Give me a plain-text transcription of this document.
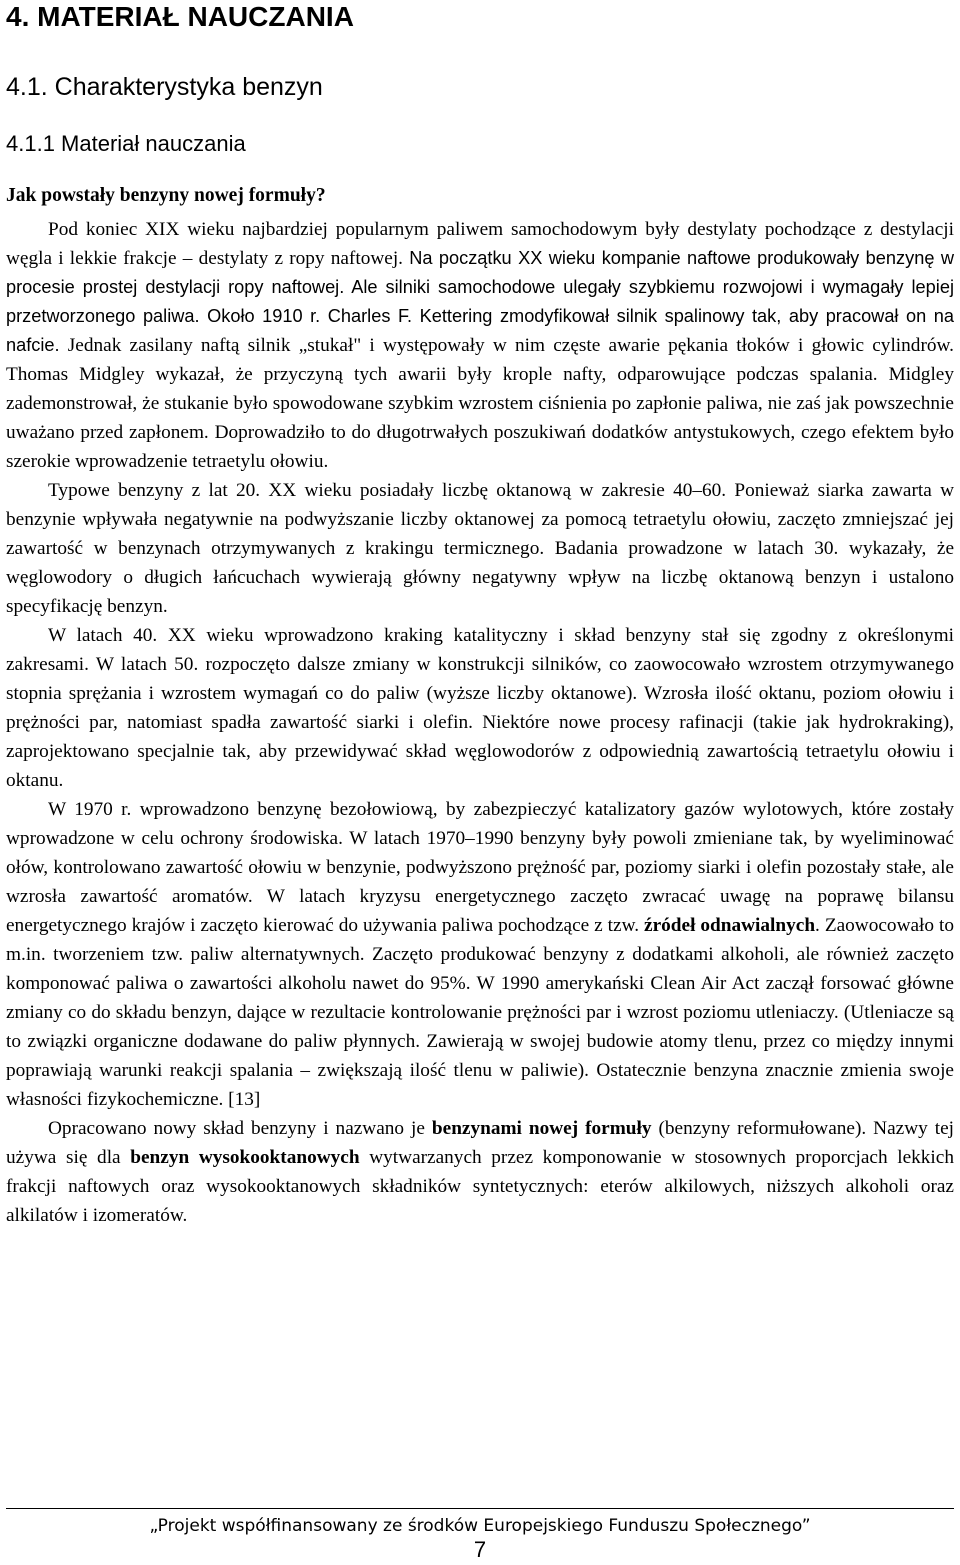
4. MATERIAŁ NAUCZANIA
4.1. Charakterystyka benzyn
4.1.1 Materiał nauczania
Jak powstały benzyny nowej formuły?

Pod koniec XIX wieku najbardziej popularnym paliwem samochodowym były destylaty pochodzące z destylacji węgla i lekkie frakcje – destylaty z ropy naftowej. Na początku XX wieku kompanie naftowe produkowały benzynę w procesie prostej destylacji ropy naftowej. Ale silniki samochodowe ulegały szybkiemu rozwojowi i wymagały lepiej przetworzonego paliwa. Około 1910 r. Charles F. Kettering zmodyfikował silnik spalinowy tak, aby pracował on na nafcie. Jednak zasilany naftą silnik „stukał" i występowały w nim częste awarie pękania tłoków i głowic cylindrów. Thomas Midgley wykazał, że przyczyną tych awarii były krople nafty, odparowujące podczas spalania. Midgley zademonstrował, że stukanie było spowodowane szybkim wzrostem ciśnienia po zapłonie paliwa, nie zaś jak powszechnie uważano przed zapłonem. Doprowadziło to do długotrwałych poszukiwań dodatków antystukowych, czego efektem było szerokie wprowadzenie tetraetylu ołowiu.

Typowe benzyny z lat 20. XX wieku posiadały liczbę oktanową w zakresie 40–60. Ponieważ siarka zawarta w benzynie wpływała negatywnie na podwyższanie liczby oktanowej za pomocą tetraetylu ołowiu, zaczęto zmniejszać jej zawartość w benzynach otrzymywanych z krakingu termicznego. Badania prowadzone w latach 30. wykazały, że węglowodory o długich łańcuchach wywierają główny negatywny wpływ na liczbę oktanową benzyn i ustalono specyfikację benzyn.

W latach 40. XX wieku wprowadzono kraking katalityczny i skład benzyny stał się zgodny z określonymi zakresami. W latach 50. rozpoczęto dalsze zmiany w konstrukcji silników, co zaowocowało wzrostem otrzymywanego stopnia sprężania i wzrostem wymagań co do paliw (wyższe liczby oktanowe). Wzrosła ilość oktanu, poziom ołowiu i prężności par, natomiast spadła zawartość siarki i olefin. Niektóre nowe procesy rafinacji (takie jak hydrokraking), zaprojektowano specjalnie tak, aby przewidywać skład węglowodorów z odpowiednią zawartością tetraetylu ołowiu i oktanu.

W 1970 r. wprowadzono benzynę bezołowiową, by zabezpieczyć katalizatory gazów wylotowych, które zostały wprowadzone w celu ochrony środowiska. W latach 1970–1990 benzyny były powoli zmieniane tak, by wyeliminować ołów, kontrolowano zawartość ołowiu w benzynie, podwyższono prężność par, poziomy siarki i olefin pozostały stałe, ale wzrosła zawartość aromatów. W latach kryzysu energetycznego zaczęto zwracać uwagę na poprawę bilansu energetycznego krajów i zaczęto kierować do używania paliwa pochodzące z tzw. źródeł odnawialnych. Zaowocowało to m.in. tworzeniem tzw. paliw alternatywnych. Zaczęto produkować benzyny z dodatkami alkoholi, ale również zaczęto komponować paliwa o zawartości alkoholu nawet do 95%. W 1990 amerykański Clean Air Act zaczął forsować główne zmiany co do składu benzyn, dające w rezultacie kontrolowanie prężności par i wzrost poziomu utleniaczy. (Utleniacze są to związki organiczne dodawane do paliw płynnych. Zawierają w swojej budowie atomy tlenu, przez co między innymi poprawiają warunki reakcji spalania – zwiększają ilość tlenu w paliwie). Ostatecznie benzyna znacznie zmienia swoje własności fizykochemiczne. [13]

Opracowano nowy skład benzyny i nazwano je benzynami nowej formuły (benzyny reformułowane). Nazwy tej używa się dla benzyn wysokooktanowych wytwarzanych przez komponowanie w stosownych proporcjach lekkich frakcji naftowych oraz wysokooktanowych składników syntetycznych: eterów alkilowych, niższych alkoholi oraz alkilatów i izomeratów.

„Projekt współfinansowany ze środków Europejskiego Funduszu Społecznego”
7
